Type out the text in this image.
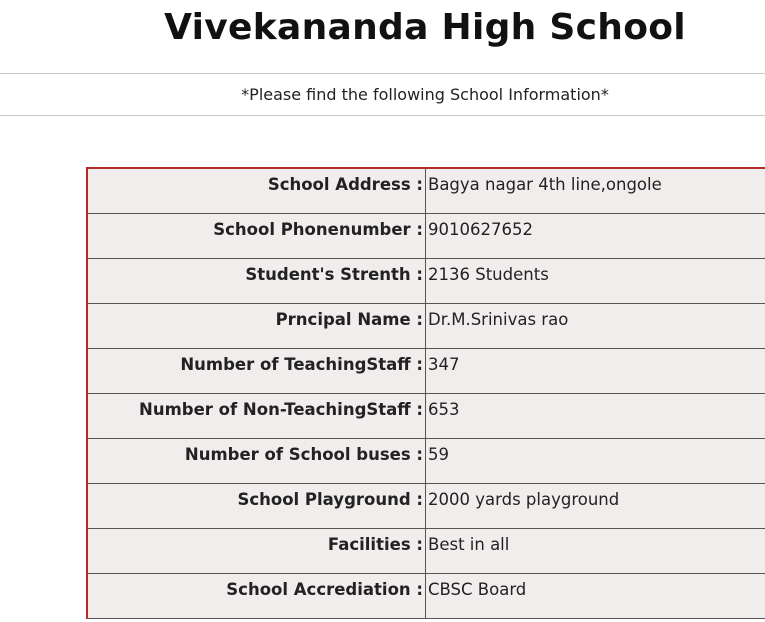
Vivekananda High School
*Please find the following School Information*
School Address : Bagya nagar 4th line,ongole
School Phonenumber : 9010627652
Student's Strenth : 2136 Students
Prncipal Name : Dr.M.Srinivas rao
Number of TeachingStaff : 347
Number of Non-TeachingStaff : 653
Number of School buses : 59
School Playground : 2000 yards playground
Facilities : Best in all
School Accrediation : CBSC Board
